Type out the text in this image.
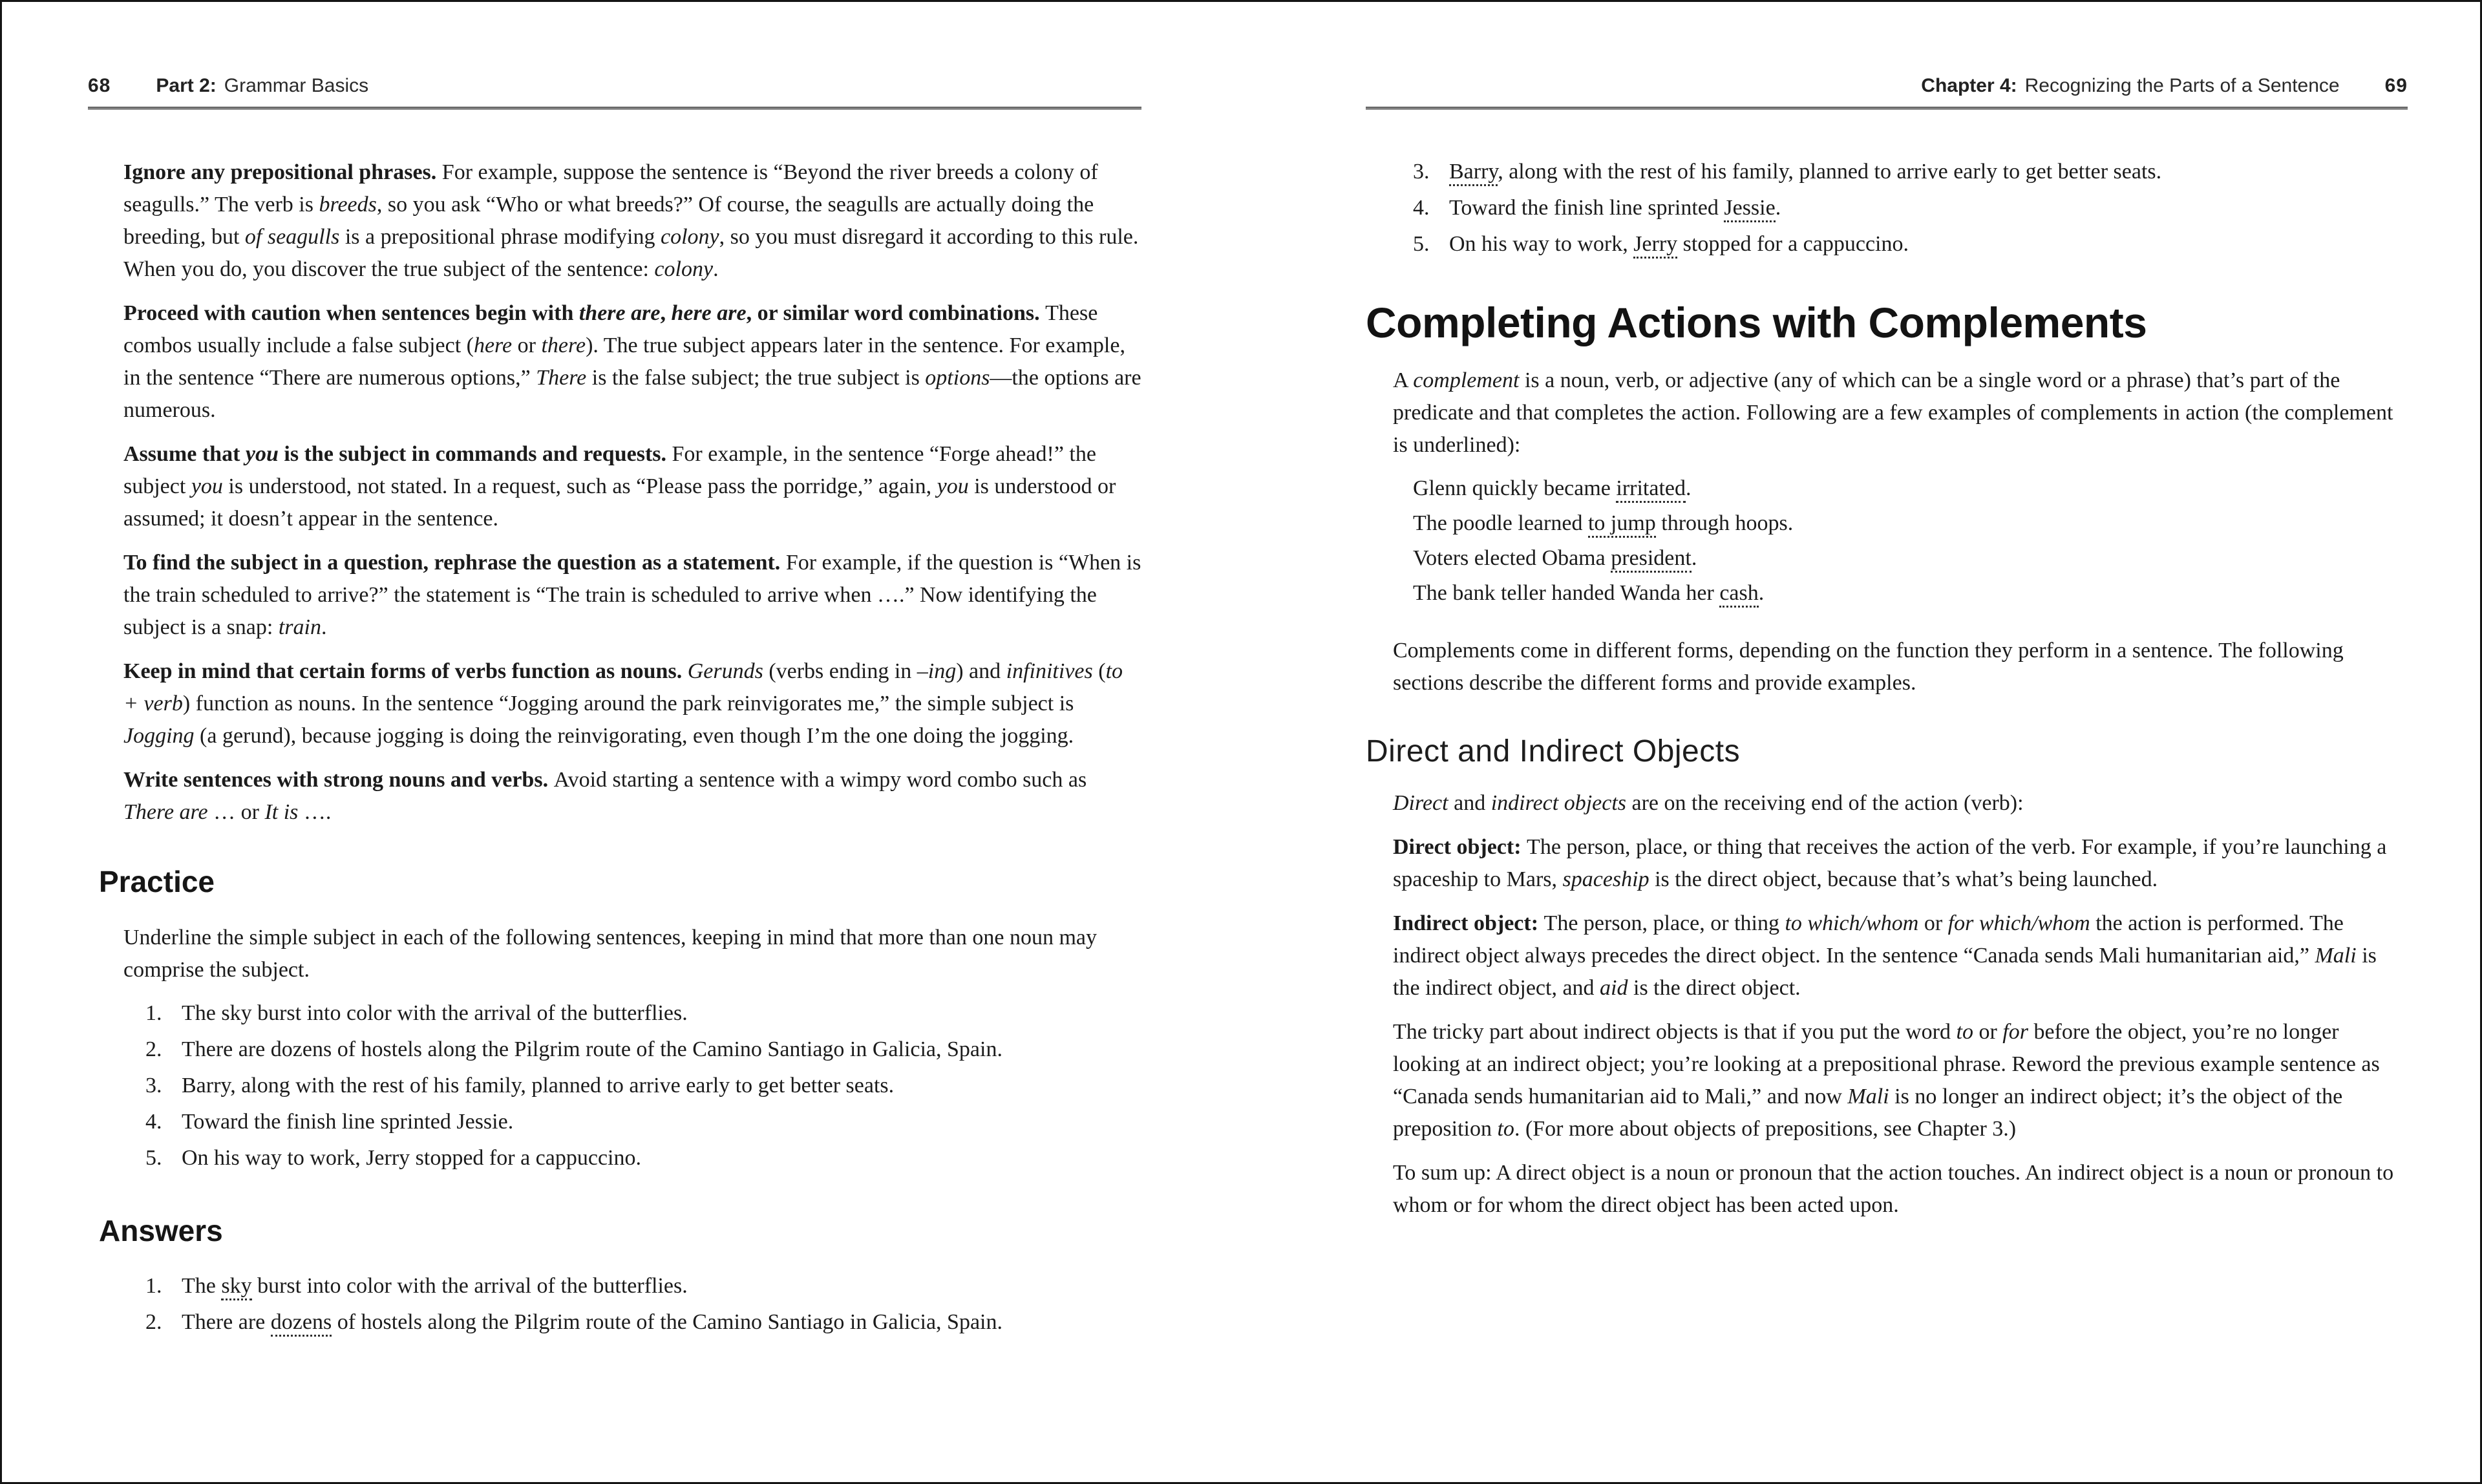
68 Part 2: Grammar Basics

Ignore any prepositional phrases. For example, suppose the sentence is “Beyond the river breeds a colony of seagulls.” The verb is breeds, so you ask “Who or what breeds?” Of course, the seagulls are actually doing the breeding, but of seagulls is a prepositional phrase modifying colony, so you must disregard it according to this rule. When you do, you discover the true subject of the sentence: colony.

Proceed with caution when sentences begin with there are, here are, or similar word combinations. These combos usually include a false subject (here or there). The true subject appears later in the sentence. For example, in the sentence “There are numerous options,” There is the false subject; the true subject is options—the options are numerous.

Assume that you is the subject in commands and requests. For example, in the sentence “Forge ahead!” the subject you is understood, not stated. In a request, such as “Please pass the porridge,” again, you is understood or assumed; it doesn’t appear in the sentence.

To find the subject in a question, rephrase the question as a statement. For example, if the question is “When is the train scheduled to arrive?” the statement is “The train is scheduled to arrive when ….” Now identifying the subject is a snap: train.

Keep in mind that certain forms of verbs function as nouns. Gerunds (verbs ending in –ing) and infinitives (to + verb) function as nouns. In the sentence “Jogging around the park reinvigorates me,” the simple subject is Jogging (a gerund), because jogging is doing the reinvigorating, even though I’m the one doing the jogging.

Write sentences with strong nouns and verbs. Avoid starting a sentence with a wimpy word combo such as There are … or It is ….

Practice

Underline the simple subject in each of the following sentences, keeping in mind that more than one noun may comprise the subject.

1. The sky burst into color with the arrival of the butterflies.
2. There are dozens of hostels along the Pilgrim route of the Camino Santiago in Galicia, Spain.
3. Barry, along with the rest of his family, planned to arrive early to get better seats.
4. Toward the finish line sprinted Jessie.
5. On his way to work, Jerry stopped for a cappuccino.
Answers
1. The sky burst into color with the arrival of the butterflies.
2. There are dozens of hostels along the Pilgrim route of the Camino Santiago in Galicia, Spain.
Chapter 4: Recognizing the Parts of a Sentence 69
3. Barry, along with the rest of his family, planned to arrive early to get better seats.
4. Toward the finish line sprinted Jessie.
5. On his way to work, Jerry stopped for a cappuccino.
Completing Actions with Complements

A complement is a noun, verb, or adjective (any of which can be a single word or a phrase) that’s part of the predicate and that completes the action. Following are a few examples of complements in action (the complement is underlined):

Glenn quickly became irritated.
The poodle learned to jump through hoops.
Voters elected Obama president.
The bank teller handed Wanda her cash.

Complements come in different forms, depending on the function they perform in a sentence. The following sections describe the different forms and provide examples.

Direct and Indirect Objects

Direct and indirect objects are on the receiving end of the action (verb):

Direct object: The person, place, or thing that receives the action of the verb. For example, if you’re launching a spaceship to Mars, spaceship is the direct object, because that’s what’s being launched.

Indirect object: The person, place, or thing to which/whom or for which/whom the action is performed. The indirect object always precedes the direct object. In the sentence “Canada sends Mali humanitarian aid,” Mali is the indirect object, and aid is the direct object.

The tricky part about indirect objects is that if you put the word to or for before the object, you’re no longer looking at an indirect object; you’re looking at a prepositional phrase. Reword the previous example sentence as “Canada sends humanitarian aid to Mali,” and now Mali is no longer an indirect object; it’s the object of the preposition to. (For more about objects of prepositions, see Chapter 3.)

To sum up: A direct object is a noun or pronoun that the action touches. An indirect object is a noun or pronoun to whom or for whom the direct object has been acted upon.
